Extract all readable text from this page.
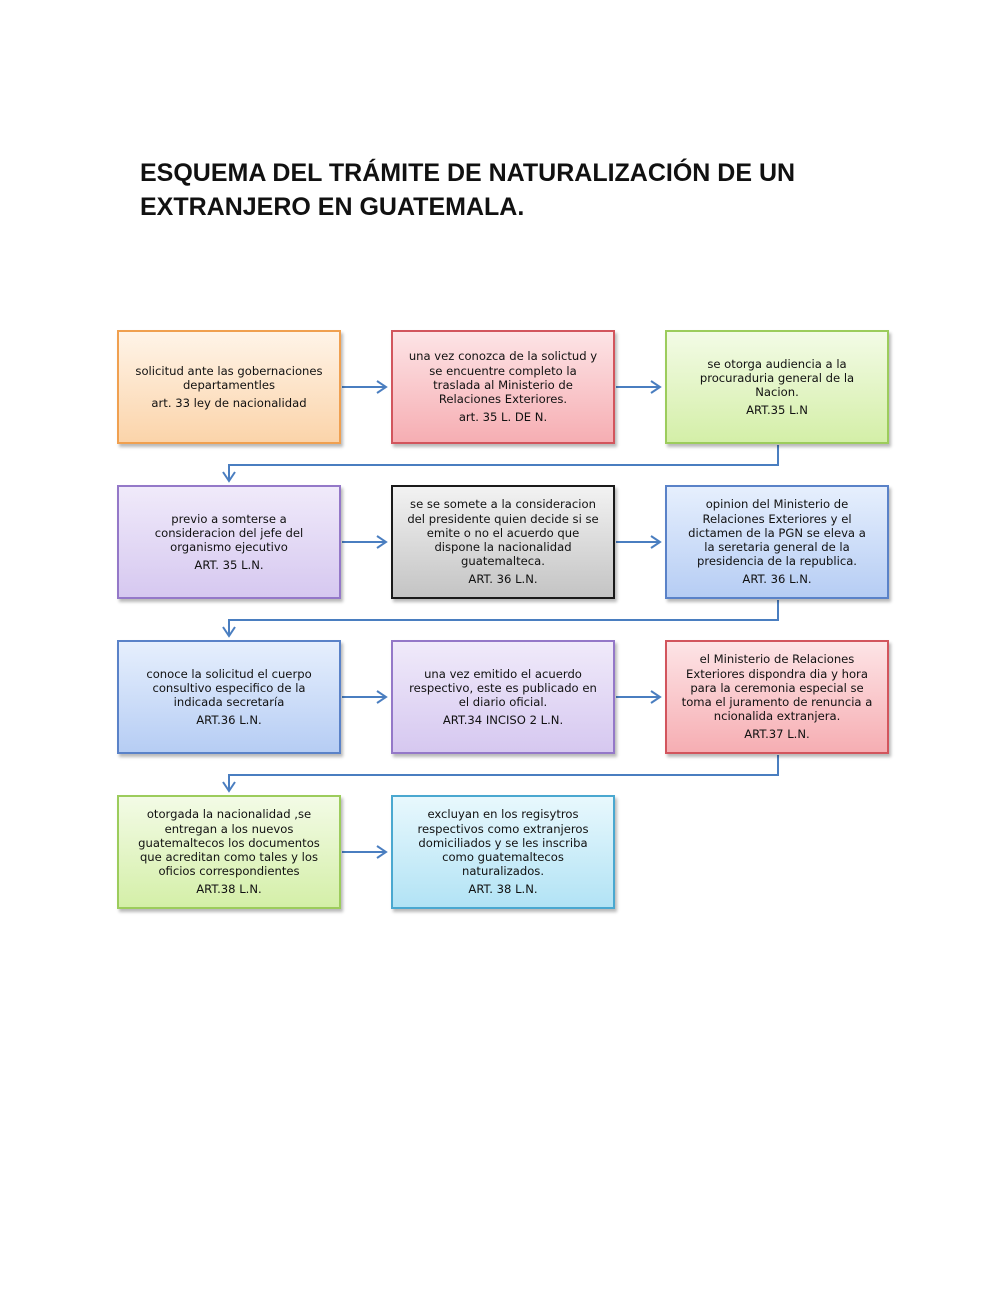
ESQUEMA DEL TRÁMITE DE NATURALIZACIÓN DE UN
EXTRANJERO EN GUATEMALA.
solicitud ante las gobernaciones
departamentles
art. 33 ley de nacionalidad
una vez conozca de la solictud y
se encuentre completo la
traslada al Ministerio de
Relaciones Exteriores.
art. 35 L. DE N.
se otorga audiencia a la
procuraduria general de la
Nacion.
ART.35 L.N
previo a somterse a
consideracion del jefe del
organismo ejecutivo
ART. 35 L.N.
se se somete a la consideracion
del presidente quien decide si se
emite o no el acuerdo que
dispone la nacionalidad
guatemalteca.
ART. 36 L.N.
opinion del Ministerio de
Relaciones Exteriores y el
dictamen de la PGN se eleva a
la seretaria general de la
presidencia de la republica.
ART. 36 L.N.
conoce la solicitud el cuerpo
consultivo especifico de la
indicada secretaría
ART.36 L.N.
una vez emitido el acuerdo
respectivo, este es publicado en
el diario oficial.
ART.34 INCISO 2 L.N.
el Ministerio de Relaciones
Exteriores dispondra dia y hora
para la ceremonia especial se
toma el juramento de renuncia a
ncionalida extranjera.
ART.37 L.N.
otorgada la nacionalidad ,se
entregan a los nuevos
guatemaltecos los documentos
que acreditan como tales y los
oficios correspondientes
ART.38 L.N.
excluyan en los regisytros
respectivos como extranjeros
domiciliados y se les inscriba
como guatemaltecos
naturalizados.
ART. 38 L.N.
